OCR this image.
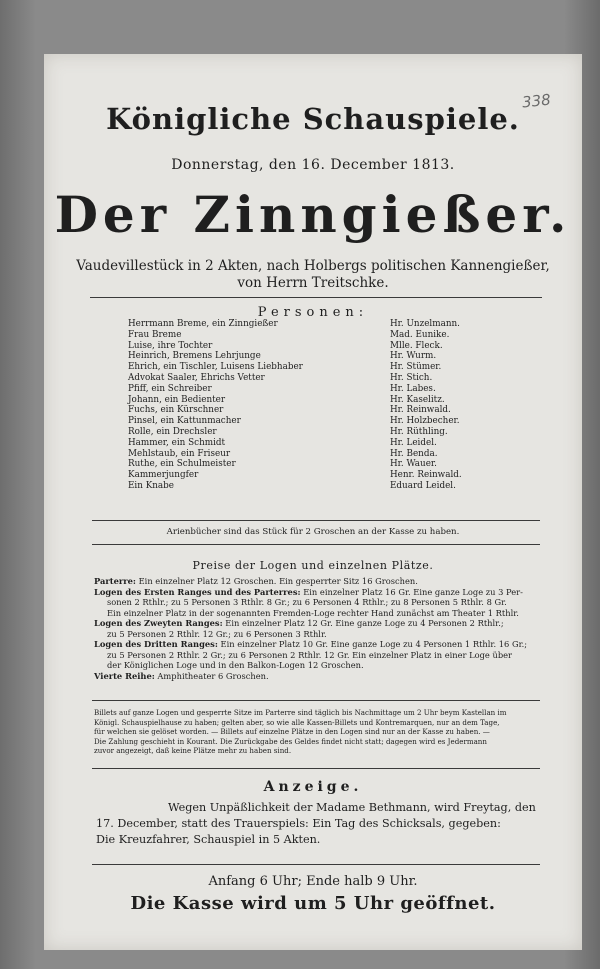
338
Königliche Schauspiele.
Donnerstag, den 16. December 1813.
Der Zinngießer.
Vaudevillestück in 2 Akten, nach Holbergs politischen Kannengießer,
von Herrn Treitschke.
Personen:
Herrmann Breme, ein Zinngießer	Hr. Unzelmann.
Frau Breme	Mad. Eunike.
Luise, ihre Tochter	Mlle. Fleck.
Heinrich, Bremens Lehrjunge	Hr. Wurm.
Ehrich, ein Tischler, Luisens Liebhaber	Hr. Stümer.
Advokat Saaler, Ehrichs Vetter	Hr. Stich.
Pfiff, ein Schreiber	Hr. Labes.
Johann, ein Bedienter	Hr. Kaselitz.
Fuchs, ein Kürschner	Hr. Reinwald.
Pinsel, ein Kattunmacher	Hr. Holzbecher.
Rolle, ein Drechsler	Hr. Rüthling.
Hammer, ein Schmidt	Hr. Leidel.
Mehlstaub, ein Friseur	Hr. Benda.
Ruthe, ein Schulmeister	Hr. Wauer.
Kammerjungfer	Henr. Reinwald.
Ein Knabe	Eduard Leidel.
Arienbücher sind das Stück für 2 Groschen an der Kasse zu haben.
Preise der Logen und einzelnen Plätze.
Parterre: Ein einzelner Platz 12 Groschen. Ein gesperrter Sitz 16 Groschen.
Logen des Ersten Ranges und des Parterres: Ein einzelner Platz 16 Gr. Eine ganze Loge zu 3 Per-
sonen 2 Rthlr.; zu 5 Personen 3 Rthlr. 8 Gr.; zu 6 Personen 4 Rthlr.; zu 8 Personen 5 Rthlr. 8 Gr.
Ein einzelner Platz in der sogenannten Fremden-Loge rechter Hand zunächst am Theater 1 Rthlr.
Logen des Zweyten Ranges: Ein einzelner Platz 12 Gr. Eine ganze Loge zu 4 Personen 2 Rthlr.;
zu 5 Personen 2 Rthlr. 12 Gr.; zu 6 Personen 3 Rthlr.
Logen des Dritten Ranges: Ein einzelner Platz 10 Gr. Eine ganze Loge zu 4 Personen 1 Rthlr. 16 Gr.;
zu 5 Personen 2 Rthlr. 2 Gr.; zu 6 Personen 2 Rthlr. 12 Gr. Ein einzelner Platz in einer Loge über
der Königlichen Loge und in den Balkon-Logen 12 Groschen.
Vierte Reihe: Amphitheater 6 Groschen.
Billets auf ganze Logen und gesperrte Sitze im Parterre sind täglich bis Nachmittage um 2 Uhr beym Kastellan im
Königl. Schauspielhause zu haben; gelten aber, so wie alle Kassen-Billets und Kontremarquen, nur an dem Tage,
für welchen sie gelöset worden. — Billets auf einzelne Plätze in den Logen sind nur an der Kasse zu haben. —
Die Zahlung geschieht in Kourant. Die Zurückgabe des Geldes findet nicht statt; dagegen wird es Jedermann
zuvor angezeigt, daß keine Plätze mehr zu haben sind.
Anzeige.
Wegen Unpäßlichkeit der Madame Bethmann, wird Freytag, den
17. December, statt des Trauerspiels: Ein Tag des Schicksals, gegeben:
Die Kreuzfahrer, Schauspiel in 5 Akten.
Anfang 6 Uhr; Ende halb 9 Uhr.
Die Kasse wird um 5 Uhr geöffnet.
